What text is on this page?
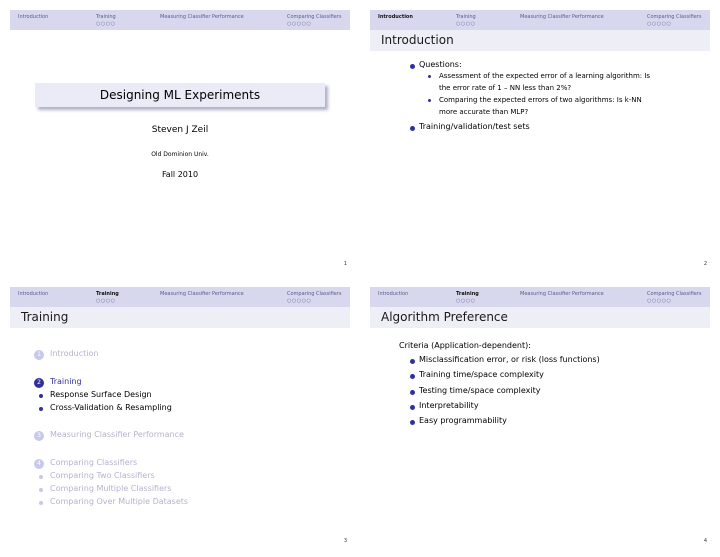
Introduction	Training
○○○○
Measuring Classifier Performance	Comparing Classifiers
○○○○○
Designing ML Experiments
Steven J Zeil
Old Dominion Univ.
Fall 2010
1
Introduction	Training
○○○○
Measuring Classifier Performance	Comparing Classifiers
○○○○○
Introduction
Questions:
Assessment of the expected error of a learning algorithm: Is
the error rate of 1 – NN less than 2%?
Comparing the expected errors of two algorithms: Is k-NN
more accurate than MLP?
Training/validation/test sets
2
Introduction	Training
○○○○
Measuring Classifier Performance	Comparing Classifiers
○○○○○
Training
1	Introduction
2	Training
Response Surface Design
Cross-Validation & Resampling
3	Measuring Classifier Performance
4	Comparing Classifiers
Comparing Two Classifiers
Comparing Multiple Classifiers
Comparing Over Multiple Datasets
3
Introduction	Training
○○○○
Measuring Classifier Performance	Comparing Classifiers
○○○○○
Algorithm Preference
Criteria (Application-dependent):
Misclassification error, or risk (loss functions)
Training time/space complexity
Testing time/space complexity
Interpretability
Easy programmability
4
